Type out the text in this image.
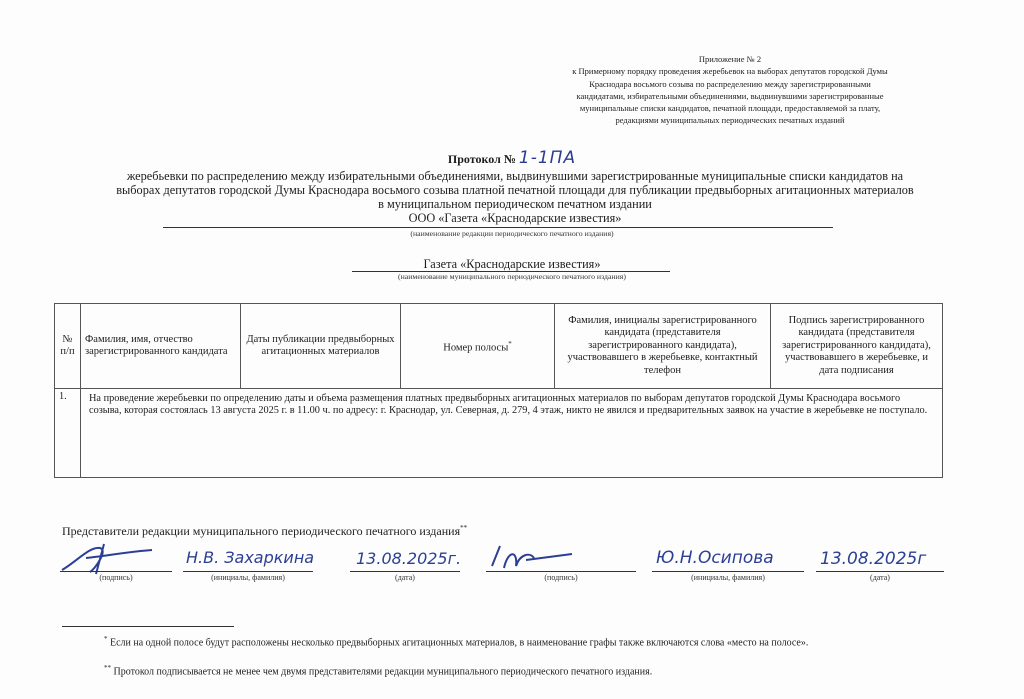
Приложение № 2
к Примерному порядку проведения жеребьевок на выборах депутатов городской Думы
Краснодара восьмого созыва по распределению между зарегистрированными
кандидатами, избирательными объединениями, выдвинувшими зарегистрированные
муниципальные списки кандидатов, печатной площади, предоставляемой за плату,
редакциями муниципальных периодических печатных изданий
Протокол № 1-1ПА
жеребьевки по распределению между избирательными объединениями, выдвинувшими зарегистрированные муниципальные списки кандидатов на
выборах депутатов городской Думы Краснодара восьмого созыва платной печатной площади для публикации предвыборных агитационных материалов
в муниципальном периодическом печатном издании
ООО «Газета «Краснодарские известия»
(наименование редакции периодического печатного издания)
Газета «Краснодарские известия»
(наименование муниципального периодического печатного издания)
№ п/п	Фамилия, имя, отчество зарегистрированного кандидата	Даты публикации предвыборных агитационных материалов	Номер полосы*	Фамилия, инициалы зарегистрированного кандидата (представителя зарегистрированного кандидата), участвовавшего в жеребьевке, контактный телефон	Подпись зарегистрированного кандидата (представителя зарегистрированного кандидата), участвовавшего в жеребьевке, и дата подписания
1.	На проведение жеребьевки по определению даты и объема размещения платных предвыборных агитационных материалов по выборам депутатов городской Думы Краснодара восьмого созыва, которая состоялась 13 августа 2025 г. в 11.00 ч. по адресу: г. Краснодар, ул. Северная, д. 279, 4 этаж, никто не явился и предварительных заявок на участие в жеребьевке не поступало.				
Представители редакции муниципального периодического печатного издания**
Н.В. Захаркина	13.08.2025г.	Ю.Н.Осипова	13.08.2025г
(подпись)	(инициалы, фамилия)	(дата)	(подпись)	(инициалы, фамилия)	(дата)
* Если на одной полосе будут расположены несколько предвыборных агитационных материалов, в наименование графы также включаются слова «место на полосе».
** Протокол подписывается не менее чем двумя представителями редакции муниципального периодического печатного издания.
